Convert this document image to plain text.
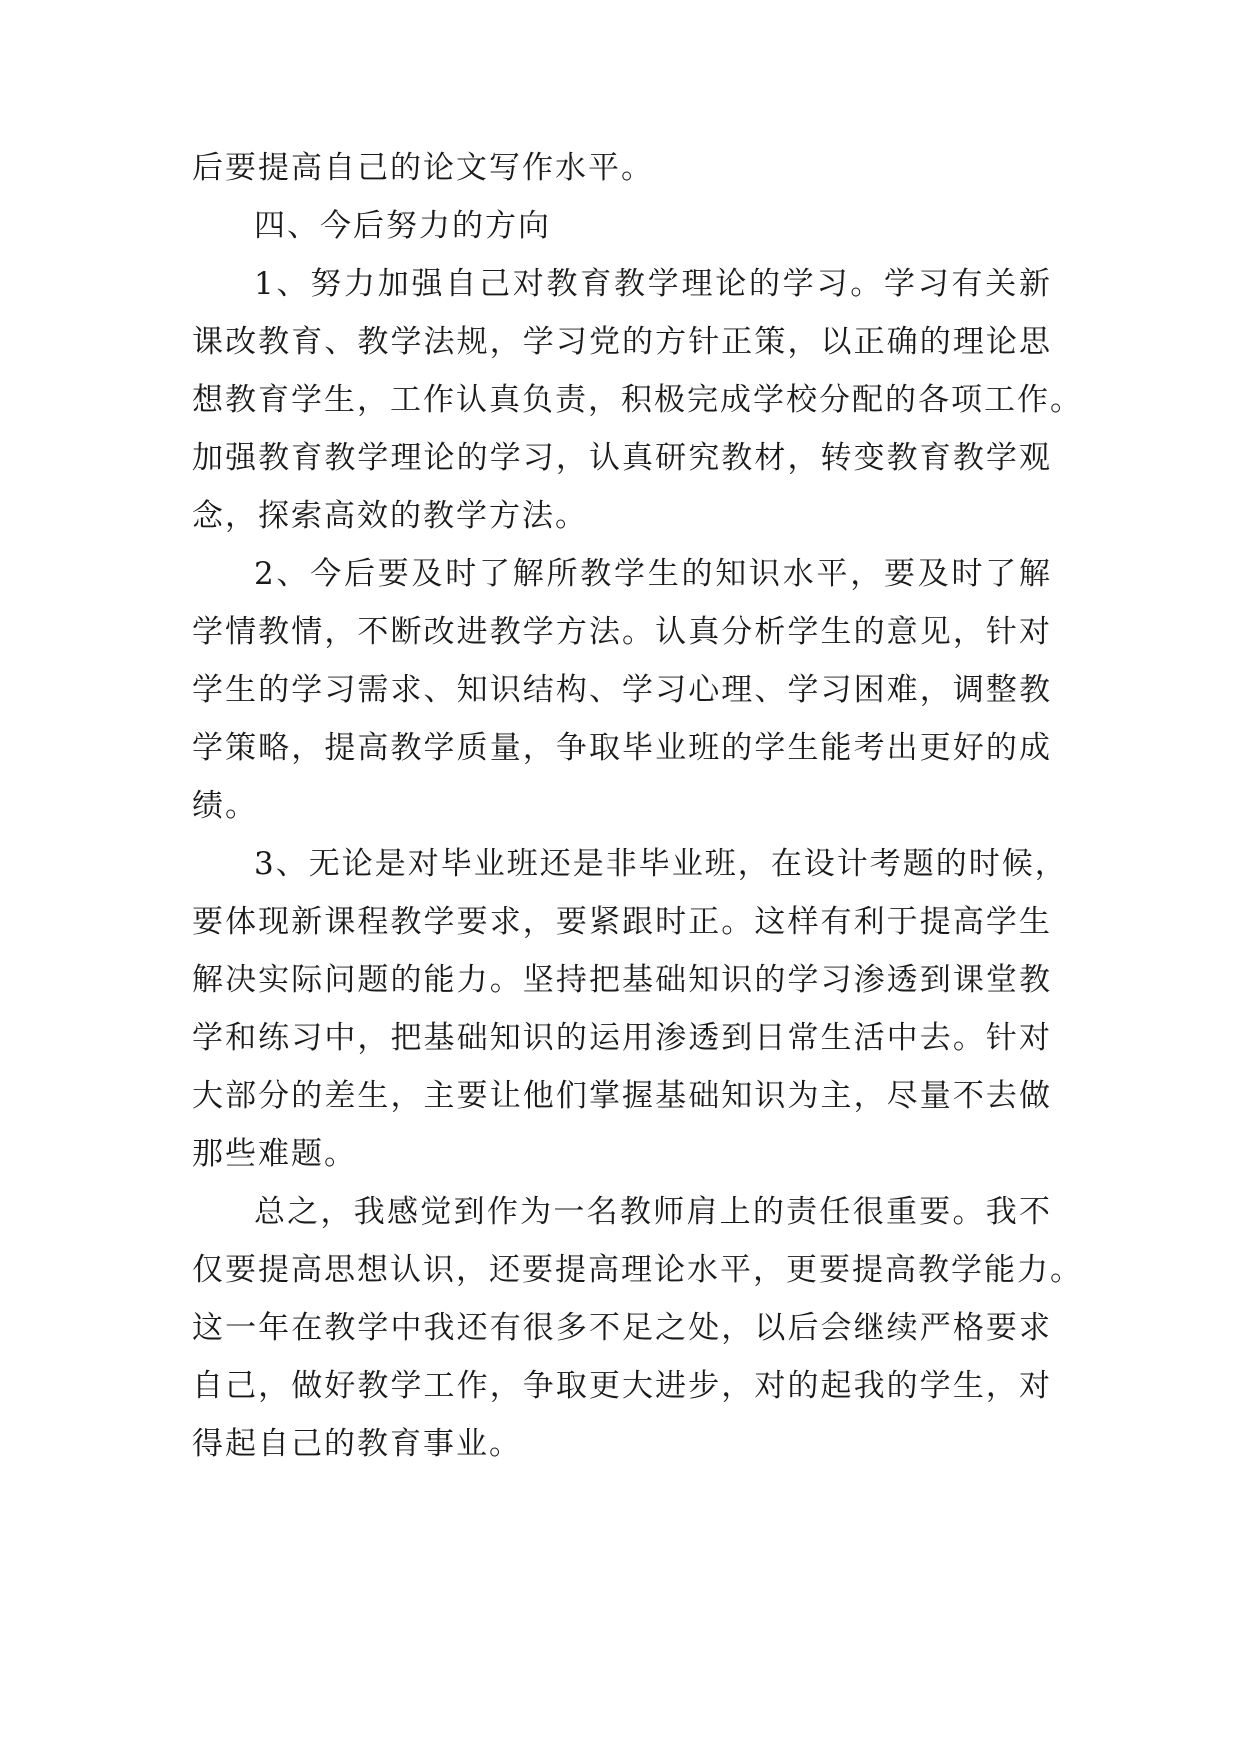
后要提高自己的论文写作水平。
四、今后努力的方向
1、努力加强自己对教育教学理论的学习。学习有关新
课改教育、教学法规，学习党的方针正策，以正确的理论思
想教育学生，工作认真负责，积极完成学校分配的各项工作。
加强教育教学理论的学习，认真研究教材，转变教育教学观
念，探索高效的教学方法。
2、今后要及时了解所教学生的知识水平，要及时了解
学情教情，不断改进教学方法。认真分析学生的意见，针对
学生的学习需求、知识结构、学习心理、学习困难，调整教
学策略，提高教学质量，争取毕业班的学生能考出更好的成
绩。
3、无论是对毕业班还是非毕业班，在设计考题的时候，
要体现新课程教学要求，要紧跟时正。这样有利于提高学生
解决实际问题的能力。坚持把基础知识的学习渗透到课堂教
学和练习中，把基础知识的运用渗透到日常生活中去。针对
大部分的差生，主要让他们掌握基础知识为主，尽量不去做
那些难题。
总之，我感觉到作为一名教师肩上的责任很重要。我不
仅要提高思想认识，还要提高理论水平，更要提高教学能力。
这一年在教学中我还有很多不足之处，以后会继续严格要求
自己，做好教学工作，争取更大进步，对的起我的学生，对
得起自己的教育事业。
